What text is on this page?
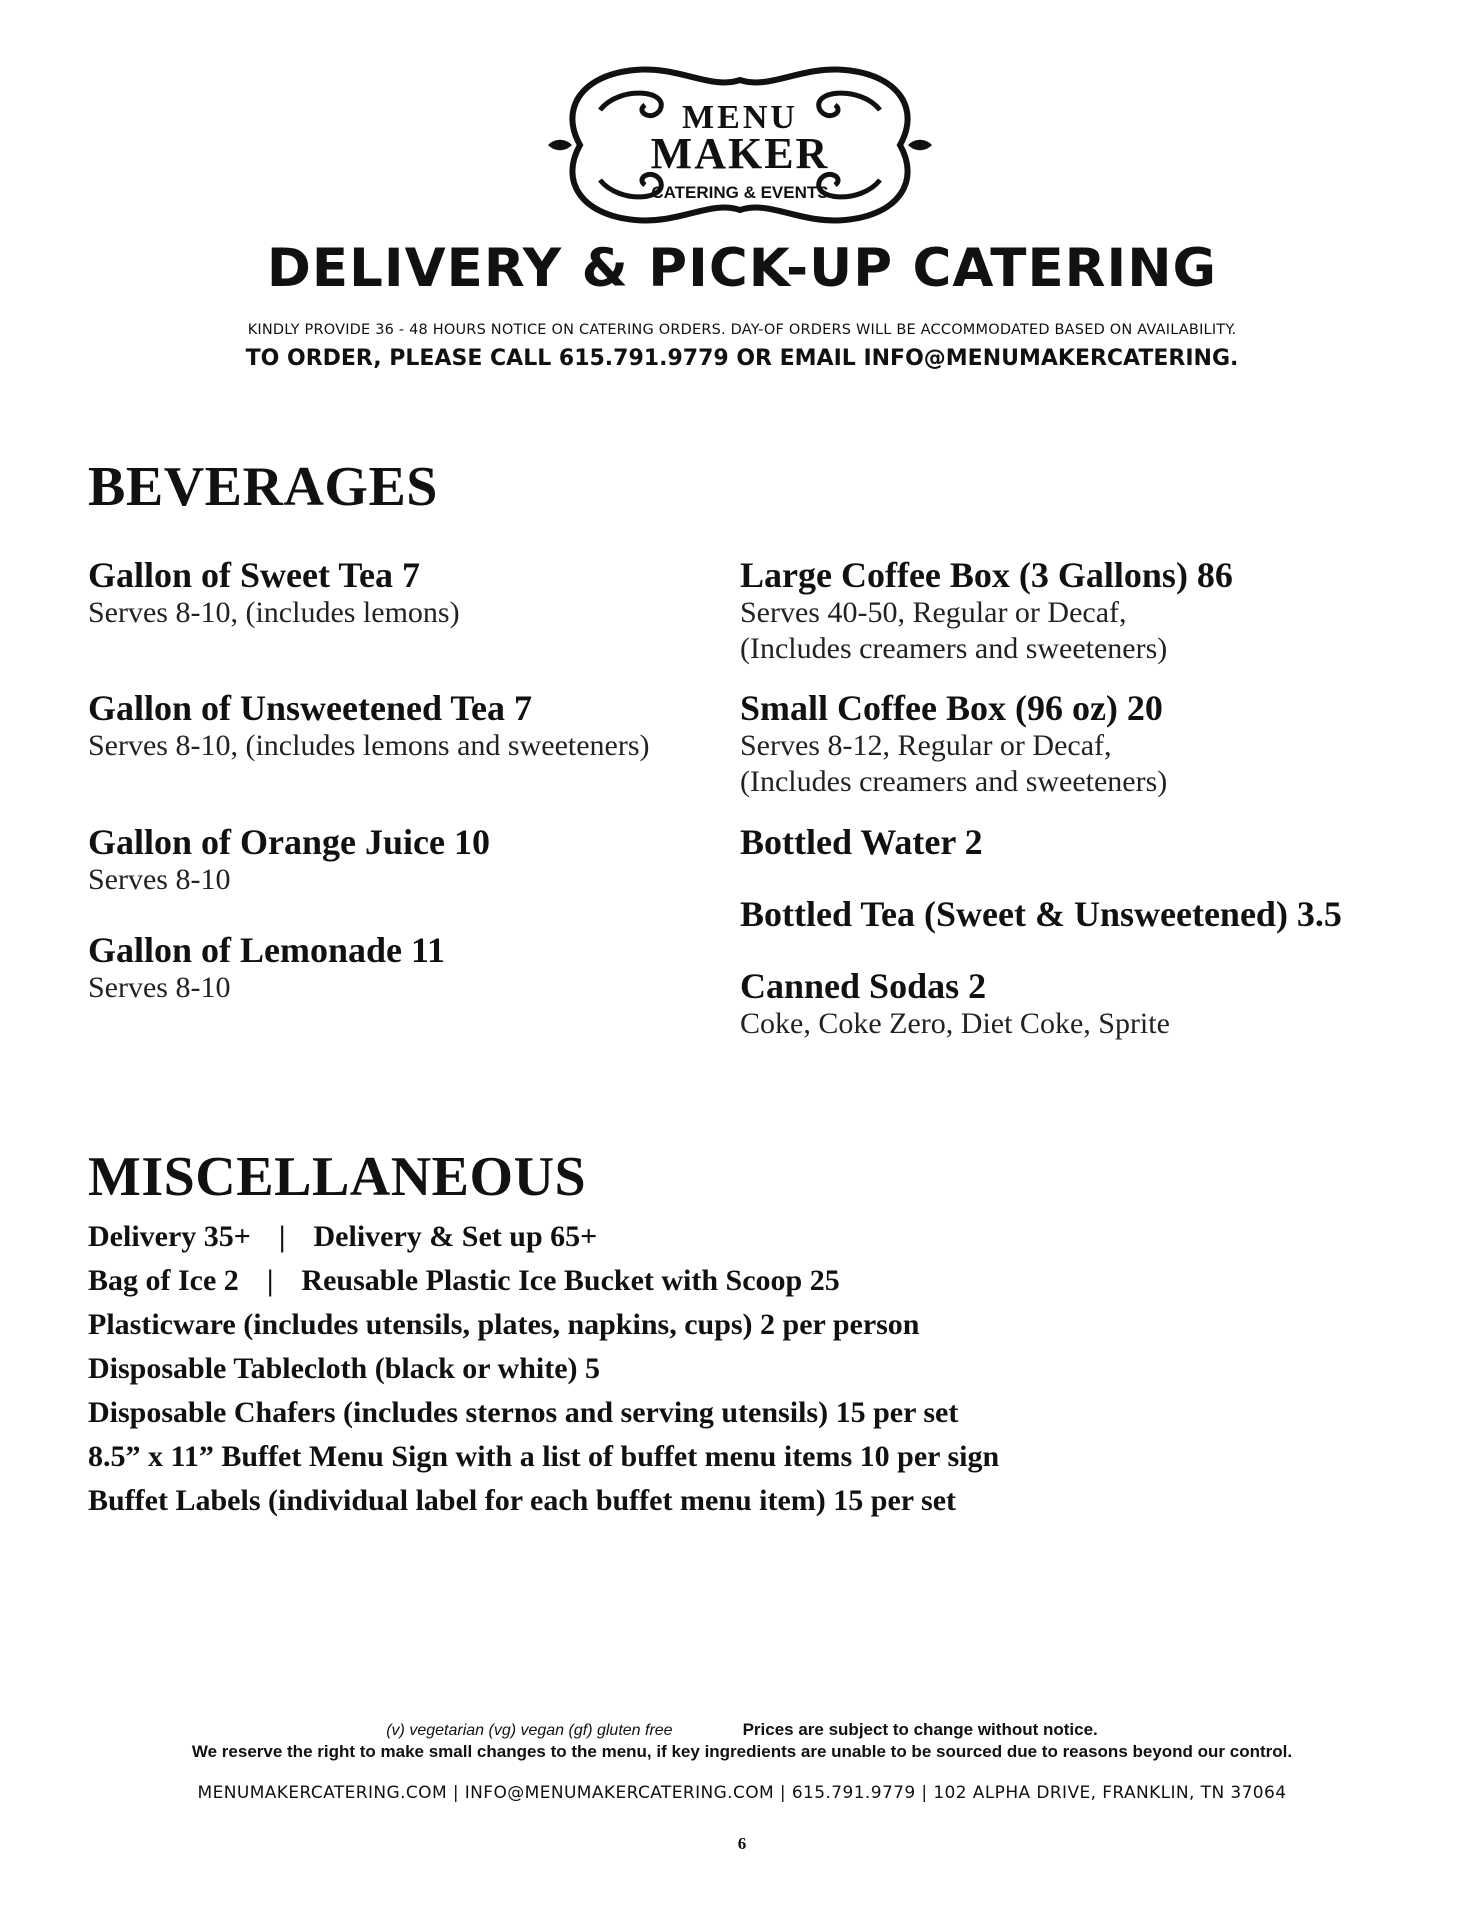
MENU
MAKER
CATERING & EVENTS
DELIVERY & PICK-UP CATERING
KINDLY PROVIDE 36 - 48 HOURS NOTICE ON CATERING ORDERS. DAY-OF ORDERS WILL BE ACCOMMODATED BASED ON AVAILABILITY.
TO ORDER, PLEASE CALL 615.791.9779 OR EMAIL INFO@MENUMAKERCATERING.
BEVERAGES
Gallon of Sweet Tea 7
Serves 8-10, (includes lemons)
Gallon of Unsweetened Tea 7
Serves 8-10, (includes lemons and sweeteners)
Gallon of Orange Juice 10
Serves 8-10
Gallon of Lemonade 11
Serves 8-10
Large Coffee Box (3 Gallons) 86
Serves 40-50, Regular or Decaf,
(Includes creamers and sweeteners)
Small Coffee Box (96 oz) 20
Serves 8-12, Regular or Decaf,
(Includes creamers and sweeteners)
Bottled Water 2
Bottled Tea (Sweet & Unsweetened) 3.5
Canned Sodas 2
Coke, Coke Zero, Diet Coke, Sprite
MISCELLANEOUS
Delivery 35+ | Delivery & Set up 65+
Bag of Ice 2 | Reusable Plastic Ice Bucket with Scoop 25
Plasticware (includes utensils, plates, napkins, cups) 2 per person
Disposable Tablecloth (black or white) 5
Disposable Chafers (includes sternos and serving utensils) 15 per set
8.5” x 11” Buffet Menu Sign with a list of buffet menu items 10 per sign
Buffet Labels (individual label for each buffet menu item) 15 per set
(v) vegetarian (vg) vegan (gf) gluten free	Prices are subject to change without notice.
We reserve the right to make small changes to the menu, if key ingredients are unable to be sourced due to reasons beyond our control.
MENUMAKERCATERING.COM | INFO@MENUMAKERCATERING.COM | 615.791.9779 | 102 ALPHA DRIVE, FRANKLIN, TN 37064
6
